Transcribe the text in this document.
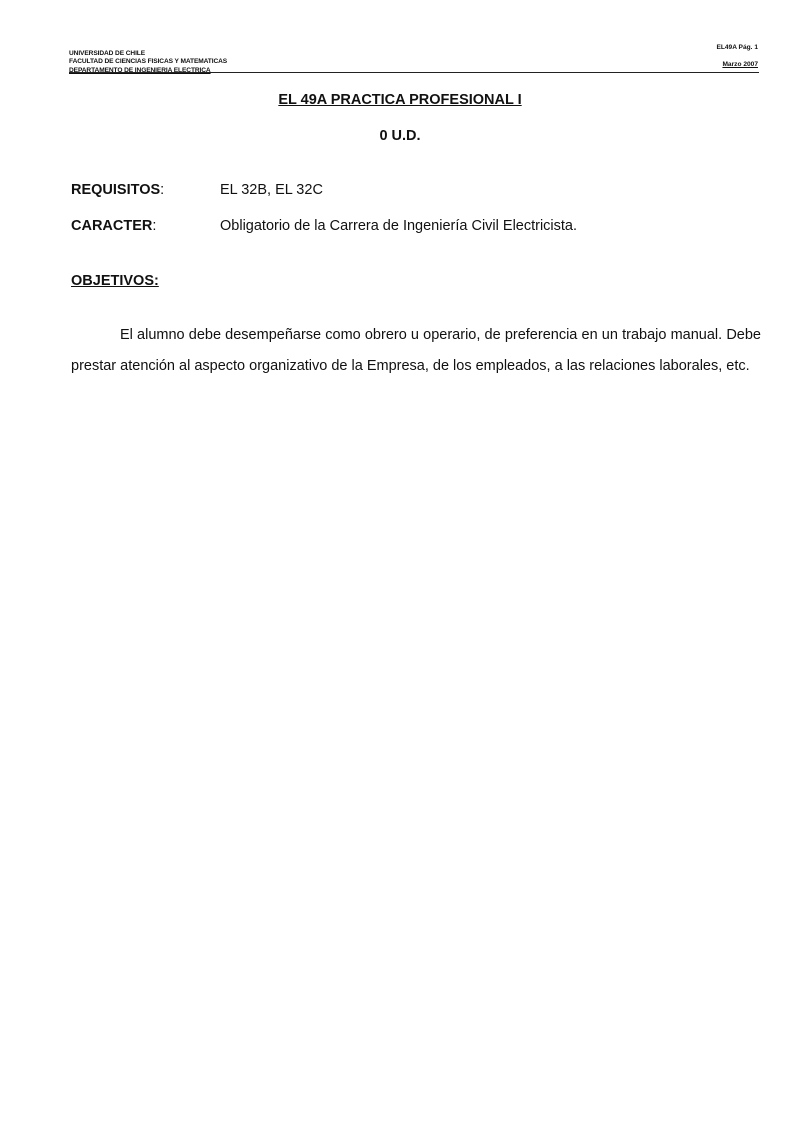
UNIVERSIDAD DE CHILE
FACULTAD DE CIENCIAS FISICAS Y MATEMATICAS
DEPARTAMENTO DE INGENIERIA ELECTRICA
EL49A Pág. 1
Marzo 2007
EL 49A PRACTICA PROFESIONAL I
0 U.D.
REQUISITOS:	EL 32B, EL 32C
CARACTER:	Obligatorio de la Carrera de Ingeniería Civil Electricista.
OBJETIVOS:

El alumno debe desempeñarse como obrero u operario, de preferencia en un trabajo manual. Debe prestar atención al aspecto organizativo de la Empresa, de los empleados, a las relaciones laborales, etc.
